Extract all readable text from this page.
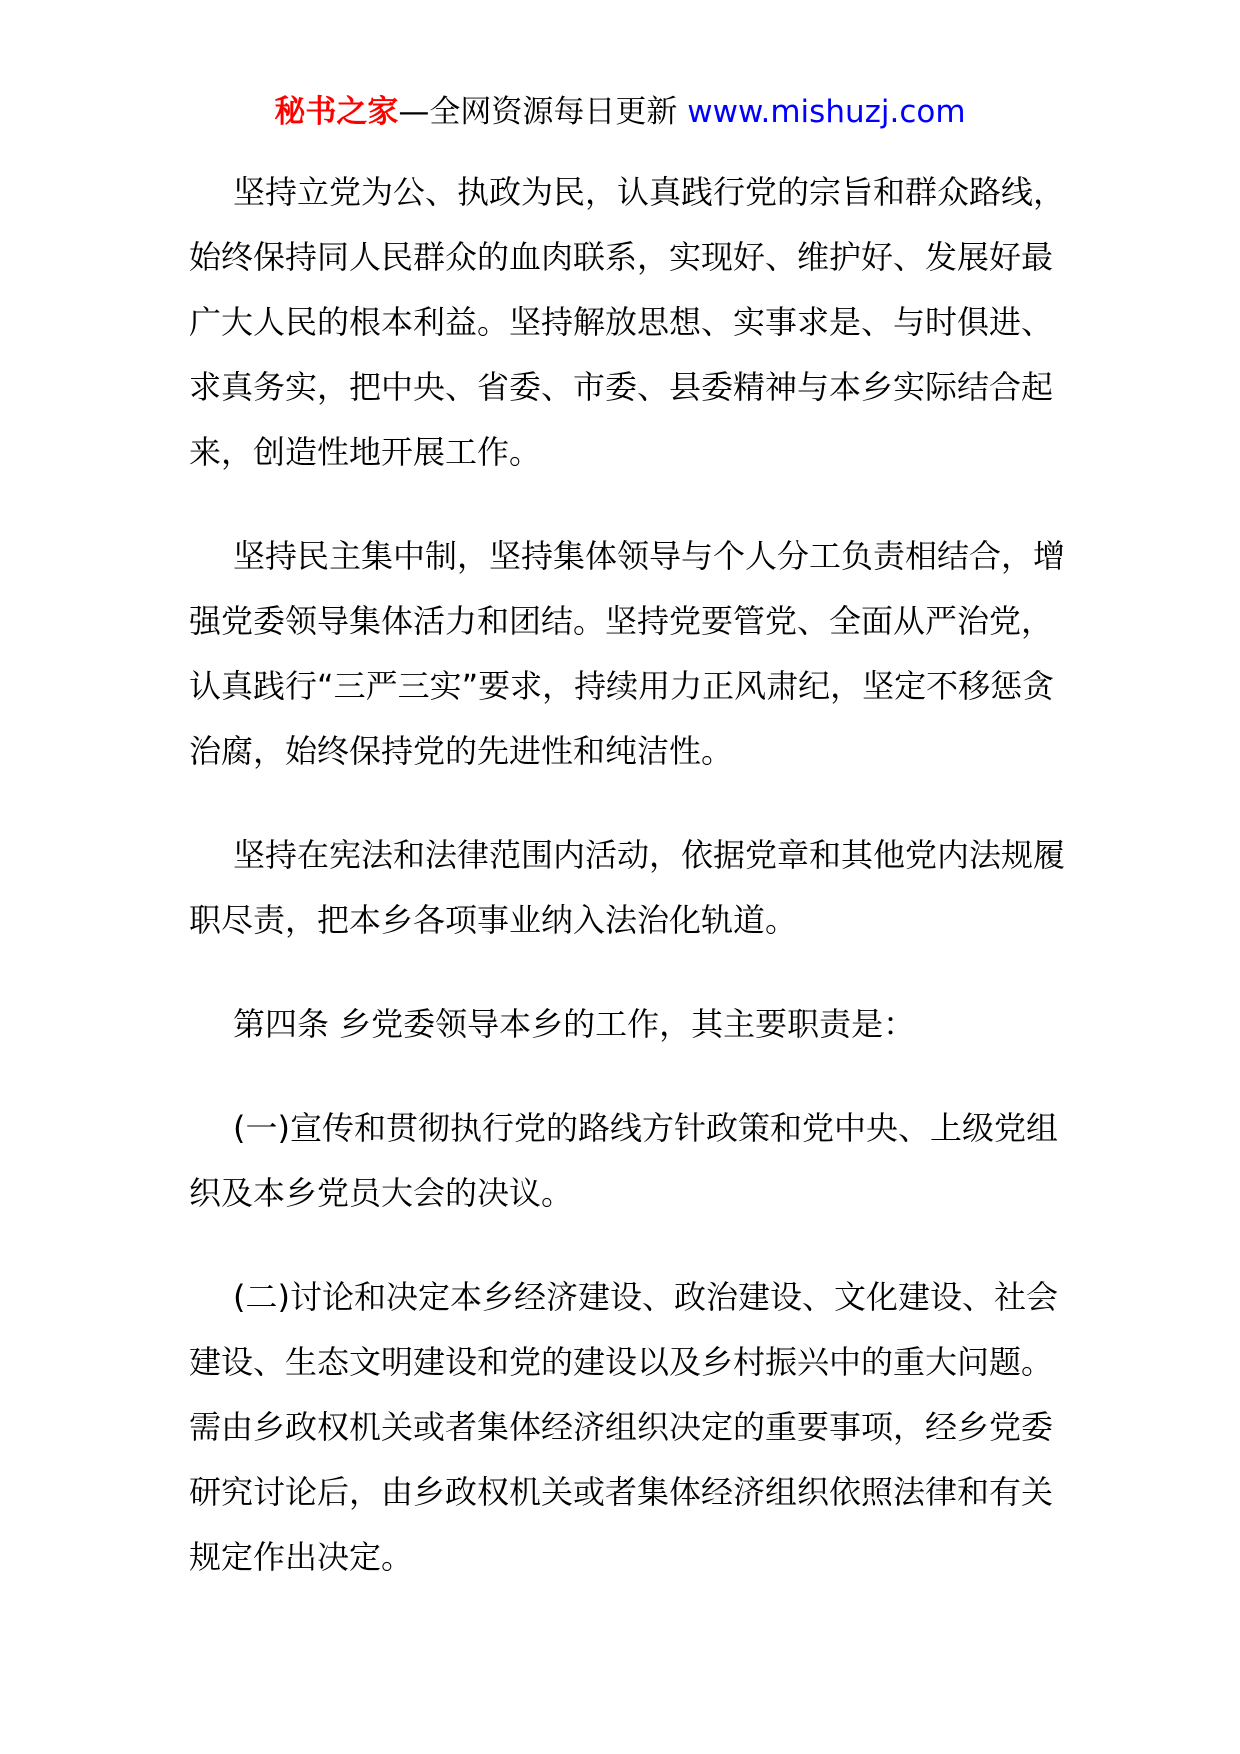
秘书之家—全网资源每日更新 www.mishuzj.com

坚持立党为公、执政为民，认真践行党的宗旨和群众路线，始终保持同人民群众的血肉联系，实现好、维护好、发展好最广大人民的根本利益。坚持解放思想、实事求是、与时俱进、求真务实，把中央、省委、市委、县委精神与本乡实际结合起来，创造性地开展工作。

坚持民主集中制，坚持集体领导与个人分工负责相结合，增强党委领导集体活力和团结。坚持党要管党、全面从严治党，认真践行“三严三实”要求，持续用力正风肃纪，坚定不移惩贪治腐，始终保持党的先进性和纯洁性。

坚持在宪法和法律范围内活动，依据党章和其他党内法规履职尽责，把本乡各项事业纳入法治化轨道。

第四条 乡党委领导本乡的工作，其主要职责是：

(一)宣传和贯彻执行党的路线方针政策和党中央、上级党组织及本乡党员大会的决议。

(二)讨论和决定本乡经济建设、政治建设、文化建设、社会建设、生态文明建设和党的建设以及乡村振兴中的重大问题。需由乡政权机关或者集体经济组织决定的重要事项，经乡党委研究讨论后，由乡政权机关或者集体经济组织依照法律和有关规定作出决定。
